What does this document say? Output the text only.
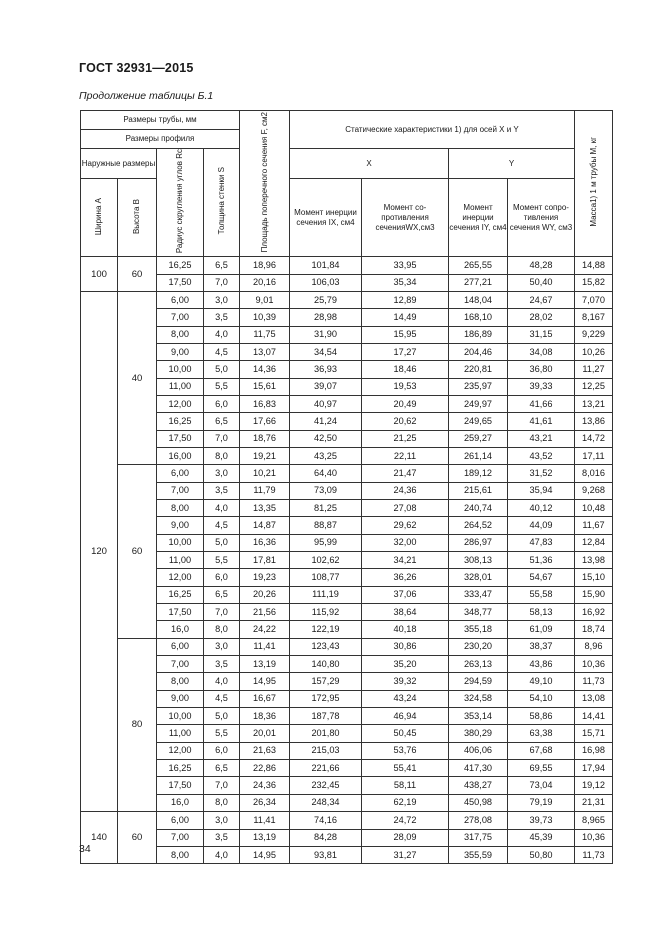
ГОСТ 32931—2015
Продолжение таблицы Б.1
Размеры трубы, мм				Площадь поперечного сечения F, см2	Статические характеристики 1) для осей X и Y				Масса1) 1 м трубы M, кг
Размеры профиля									
Наружные размеры		Радиус скругления углов Rc	Толщина стенки S		X		Y		

Ширина A	Высота B				Момент инерции сечения IX, см4	Момент со- противления сеченияWX,см3	Момент инерции сечения IY, см4	Момент сопро- тивления сечения WY, см3	

100	60	16,25	6,5	18,96	101,84	33,95	265,55	48,28	14,88
		17,50	7,0	20,16	106,03	35,34	277,21	50,40	15,82
120	40	6,00	3,0	9,01	25,79	12,89	148,04	24,67	7,070
		7,00	3,5	10,39	28,98	14,49	168,10	28,02	8,167
		8,00	4,0	11,75	31,90	15,95	186,89	31,15	9,229
		9,00	4,5	13,07	34,54	17,27	204,46	34,08	10,26
		10,00	5,0	14,36	36,93	18,46	220,81	36,80	11,27
		11,00	5,5	15,61	39,07	19,53	235,97	39,33	12,25
		12,00	6,0	16,83	40,97	20,49	249,97	41,66	13,21
		16,25	6,5	17,66	41,24	20,62	249,65	41,61	13,86
		17,50	7,0	18,76	42,50	21,25	259,27	43,21	14,72
		16,00	8,0	19,21	43,25	22,11	261,14	43,52	17,11
	60	6,00	3,0	10,21	64,40	21,47	189,12	31,52	8,016
		7,00	3,5	11,79	73,09	24,36	215,61	35,94	9,268
		8,00	4,0	13,35	81,25	27,08	240,74	40,12	10,48
		9,00	4,5	14,87	88,87	29,62	264,52	44,09	11,67
		10,00	5,0	16,36	95,99	32,00	286,97	47,83	12,84
		11,00	5,5	17,81	102,62	34,21	308,13	51,36	13,98
		12,00	6,0	19,23	108,77	36,26	328,01	54,67	15,10
		16,25	6,5	20,26	111,19	37,06	333,47	55,58	15,90
		17,50	7,0	21,56	115,92	38,64	348,77	58,13	16,92
		16,0	8,0	24,22	122,19	40,18	355,18	61,09	18,74
	80	6,00	3,0	11,41	123,43	30,86	230,20	38,37	8,96
		7,00	3,5	13,19	140,80	35,20	263,13	43,86	10,36
		8,00	4,0	14,95	157,29	39,32	294,59	49,10	11,73
		9,00	4,5	16,67	172,95	43,24	324,58	54,10	13,08
		10,00	5,0	18,36	187,78	46,94	353,14	58,86	14,41
		11,00	5,5	20,01	201,80	50,45	380,29	63,38	15,71
		12,00	6,0	21,63	215,03	53,76	406,06	67,68	16,98
		16,25	6,5	22,86	221,66	55,41	417,30	69,55	17,94
		17,50	7,0	24,36	232,45	58,11	438,27	73,04	19,12
		16,0	8,0	26,34	248,34	62,19	450,98	79,19	21,31
140	60	6,00	3,0	11,41	74,16	24,72	278,08	39,73	8,965
		7,00	3,5	13,19	84,28	28,09	317,75	45,39	10,36
		8,00	4,0	14,95	93,81	31,27	355,59	50,80	11,73
34
